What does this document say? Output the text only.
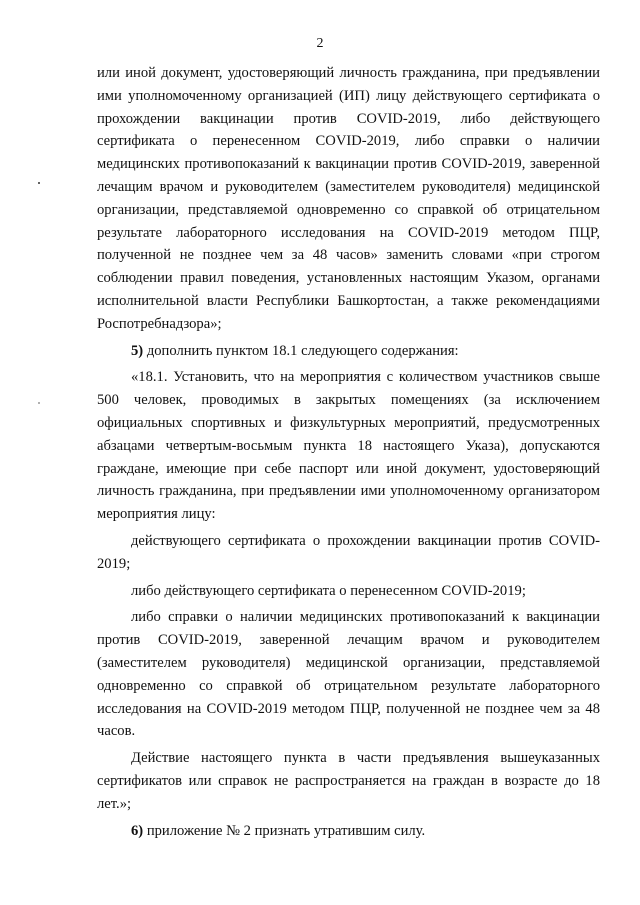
2

или иной документ, удостоверяющий личность гражданина, при предъявлении ими уполномоченному организацией (ИП) лицу действующего сертификата о прохождении вакцинации против COVID-2019, либо действующего сертификата о перенесенном COVID-2019, либо справки о наличии медицинских противопоказаний к вакцинации против COVID-2019, заверенной лечащим врачом и руководителем (заместителем руководителя) медицинской организации, представляемой одновременно со справкой об отрицательном результате лабораторного исследования на COVID-2019 методом ПЦР, полученной не позднее чем за 48 часов» заменить словами «при строгом соблюдении правил поведения, установленных настоящим Указом, органами исполнительной власти Республики Башкортостан, а также рекомендациями Роспотребнадзора»;

5) дополнить пунктом 18.1 следующего содержания:

«18.1. Установить, что на мероприятия с количеством участников свыше 500 человек, проводимых в закрытых помещениях (за исключением официальных спортивных и физкультурных мероприятий, предусмотренных абзацами четвертым-восьмым пункта 18 настоящего Указа), допускаются граждане, имеющие при себе паспорт или иной документ, удостоверяющий личность гражданина, при предъявлении ими уполномоченному организатором мероприятия лицу:

действующего сертификата о прохождении вакцинации против COVID-2019;

либо действующего сертификата о перенесенном COVID-2019;

либо справки о наличии медицинских противопоказаний к вакцинации против COVID-2019, заверенной лечащим врачом и руководителем (заместителем руководителя) медицинской организации, представляемой одновременно со справкой об отрицательном результате лабораторного исследования на COVID-2019 методом ПЦР, полученной не позднее чем за 48 часов.

Действие настоящего пункта в части предъявления вышеуказанных сертификатов или справок не распространяется на граждан в возрасте до 18 лет.»;

6) приложение № 2 признать утратившим силу.
